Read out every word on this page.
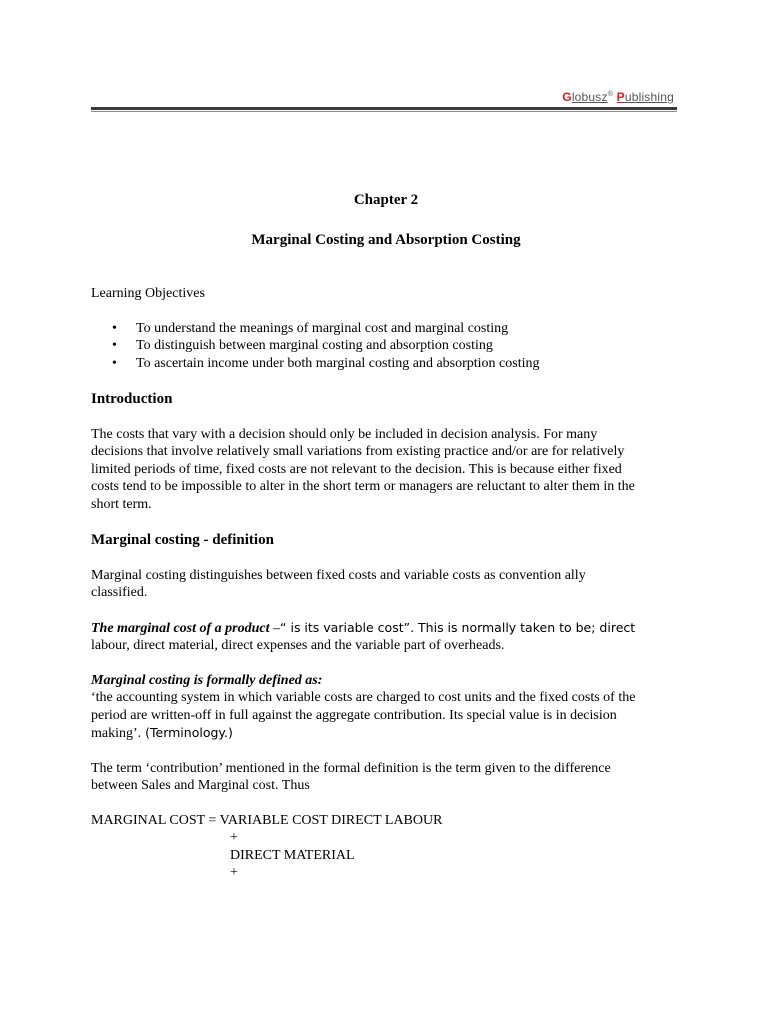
Globusz® Publishing

Chapter 2

Marginal Costing and Absorption Costing

Learning Objectives

• To understand the meanings of marginal cost and marginal costing
• To distinguish between marginal costing and absorption costing
• To ascertain income under both marginal costing and absorption costing

Introduction

The costs that vary with a decision should only be included in decision analysis. For many
decisions that involve relatively small variations from existing practice and/or are for relatively
limited periods of time, fixed costs are not relevant to the decision. This is because either fixed
costs tend to be impossible to alter in the short term or managers are reluctant to alter them in the
short term.

Marginal costing - definition

Marginal costing distinguishes between fixed costs and variable costs as convention ally
classified.
The marginal cost of a product –“ is its variable cost”. This is normally taken to be; direct
labour, direct material, direct expenses and the variable part of overheads.
Marginal costing is formally defined as:
‘the accounting system in which variable costs are charged to cost units and the fixed costs of the
period are written-off in full against the aggregate contribution. Its special value is in decision
making’. (Terminology.)
The term ‘contribution’ mentioned in the formal definition is the term given to the difference
between Sales and Marginal cost. Thus

MARGINAL COST = VARIABLE COST DIRECT LABOUR

+

DIRECT MATERIAL

+
